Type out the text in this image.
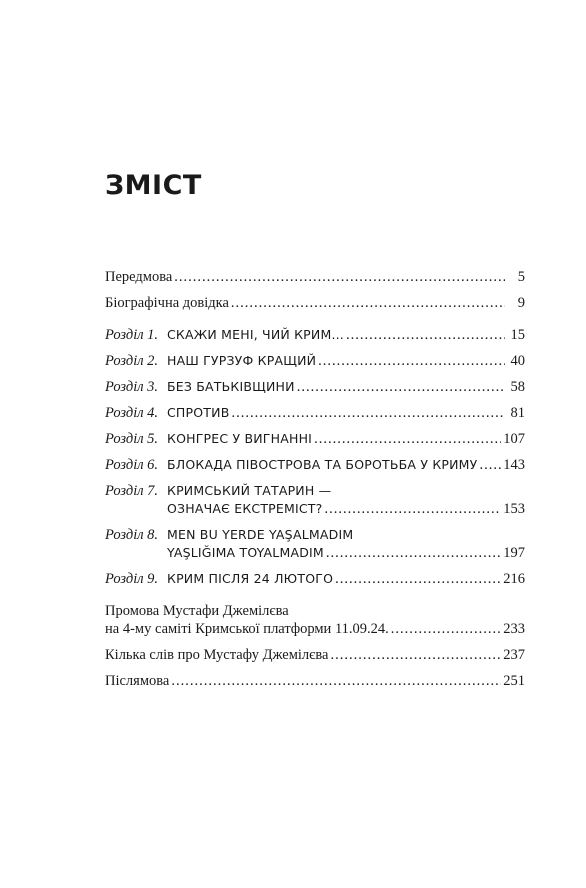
ЗМІСТ
Передмова .....	5
Біографічна довідка .....	9
Розділ 1. СКАЖИ МЕНІ, ЧИЙ КРИМ... .....	15
Розділ 2. НАШ ГУРЗУФ КРАЩИЙ .....	40
Розділ 3. БЕЗ БАТЬКІВЩИНИ .....	58
Розділ 4. СПРОТИВ .....	81
Розділ 5. КОНГРЕС У ВИГНАННІ .....	107
Розділ 6. БЛОКАДА ПІВОСТРОВА ТА БОРОТЬБА У КРИМУ ..... 143
Розділ 7. КРИМСЬКИЙ ТАТАРИН —
ОЗНАЧАЄ ЕКСТРЕМІСТ? .....	153
Розділ 8. MEN BU YERDE YAŞALMADIM
YAŞLIĞIMA TOYALMADIM .....	197
Розділ 9. КРИМ ПІСЛЯ 24 ЛЮТОГО .....	216
Промова Мустафи Джемілєва
на 4-му саміті Кримської платформи 11.09.24. .....	233
Кілька слів про Мустафу Джемілєва .....	237
Післямова .....	251
